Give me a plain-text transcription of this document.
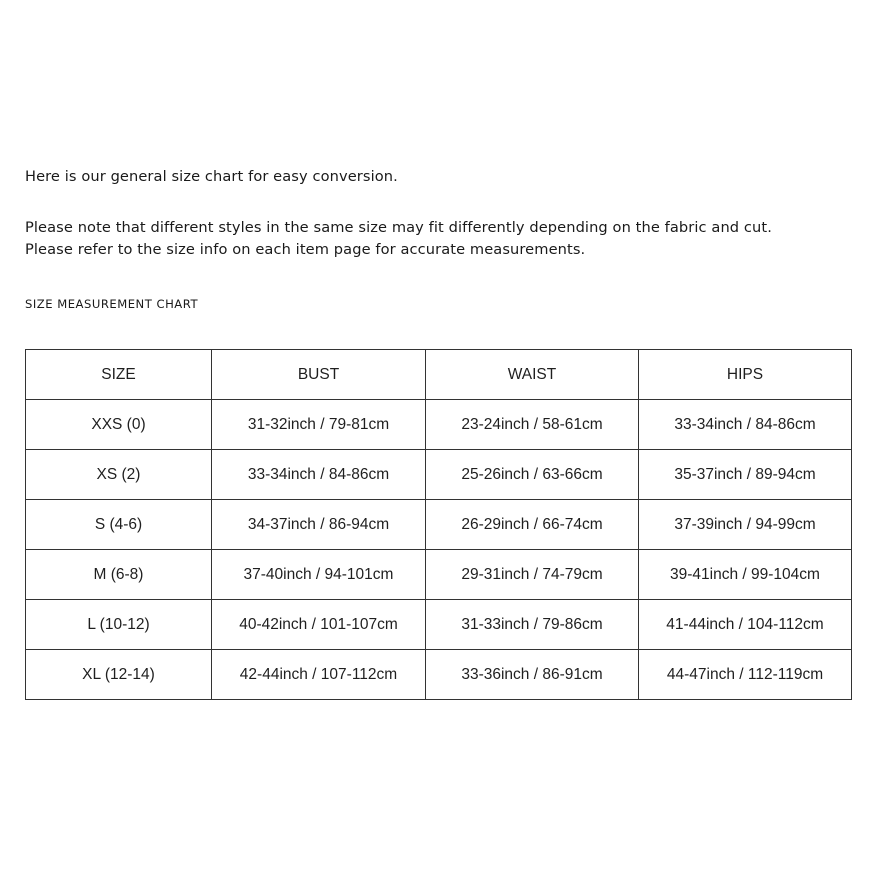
Here is our general size chart for easy conversion.

Please note that different styles in the same size may fit differently depending on the fabric and cut.
Please refer to the size info on each item page for accurate measurements.
SIZE MEASUREMENT CHART
SIZE	BUST	WAIST	HIPS
XXS (0)	31-32inch / 79-81cm	23-24inch / 58-61cm	33-34inch / 84-86cm
XS (2)	33-34inch / 84-86cm	25-26inch / 63-66cm	35-37inch / 89-94cm
S (4-6)	34-37inch / 86-94cm	26-29inch / 66-74cm	37-39inch / 94-99cm
M (6-8)	37-40inch / 94-101cm	29-31inch / 74-79cm	39-41inch / 99-104cm
L (10-12)	40-42inch / 101-107cm	31-33inch / 79-86cm	41-44inch / 104-112cm
XL (12-14)	42-44inch / 107-112cm	33-36inch / 86-91cm	44-47inch / 112-119cm
